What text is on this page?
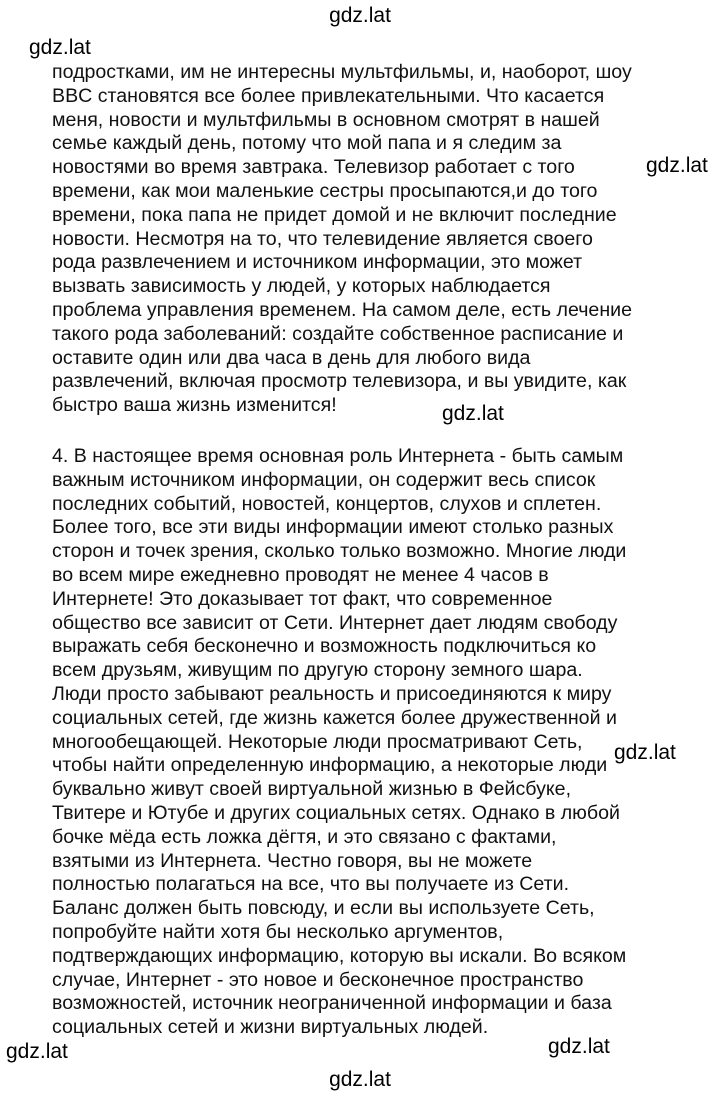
gdz.lat
gdz.lat
подростками, им не интересны мультфильмы, и, наоборот, шоу
BBC становятся все более привлекательными. Что касается
меня, новости и мультфильмы в основном смотрят в нашей
семье каждый день, потому что мой папа и я следим за
новостями во время завтрака. Телевизор работает с того
времени, как мои маленькие сестры просыпаются,и до того
времени, пока папа не придет домой и не включит последние
новости. Несмотря на то, что телевидение является своего
рода развлечением и источником информации, это может
вызвать зависимость у людей, у которых наблюдается
проблема управления временем. На самом деле, есть лечение
такого рода заболеваний: создайте собственное расписание и
оставите один или два часа в день для любого вида
развлечений, включая просмотр телевизора, и вы увидите, как
быстро ваша жизнь изменится!
gdz.lat
gdz.lat
4. В настоящее время основная роль Интернета - быть самым
важным источником информации, он содержит весь список
последних событий, новостей, концертов, слухов и сплетен.
Более того, все эти виды информации имеют столько разных
сторон и точек зрения, сколько только возможно. Многие люди
во всем мире ежедневно проводят не менее 4 часов в
Интернете! Это доказывает тот факт, что современное
общество все зависит от Сети. Интернет дает людям свободу
выражать себя бесконечно и возможность подключиться ко
всем друзьям, живущим по другую сторону земного шара.
Люди просто забывают реальность и присоединяются к миру
социальных сетей, где жизнь кажется более дружественной и
многообещающей. Некоторые люди просматривают Сеть,
чтобы найти определенную информацию, а некоторые люди
буквально живут своей виртуальной жизнью в Фейсбуке,
Твитере и Ютубе и других социальных сетях. Однако в любой
бочке мёда есть ложка дёгтя, и это связано с фактами,
взятыми из Интернета. Честно говоря, вы не можете
полностью полагаться на все, что вы получаете из Сети.
Баланс должен быть повсюду, и если вы используете Сеть,
попробуйте найти хотя бы несколько аргументов,
подтверждающих информацию, которую вы искали. Во всяком
случае, Интернет - это новое и бесконечное пространство
возможностей, источник неограниченной информации и база
социальных сетей и жизни виртуальных людей.
gdz.lat
gdz.lat	gdz.lat
gdz.lat
